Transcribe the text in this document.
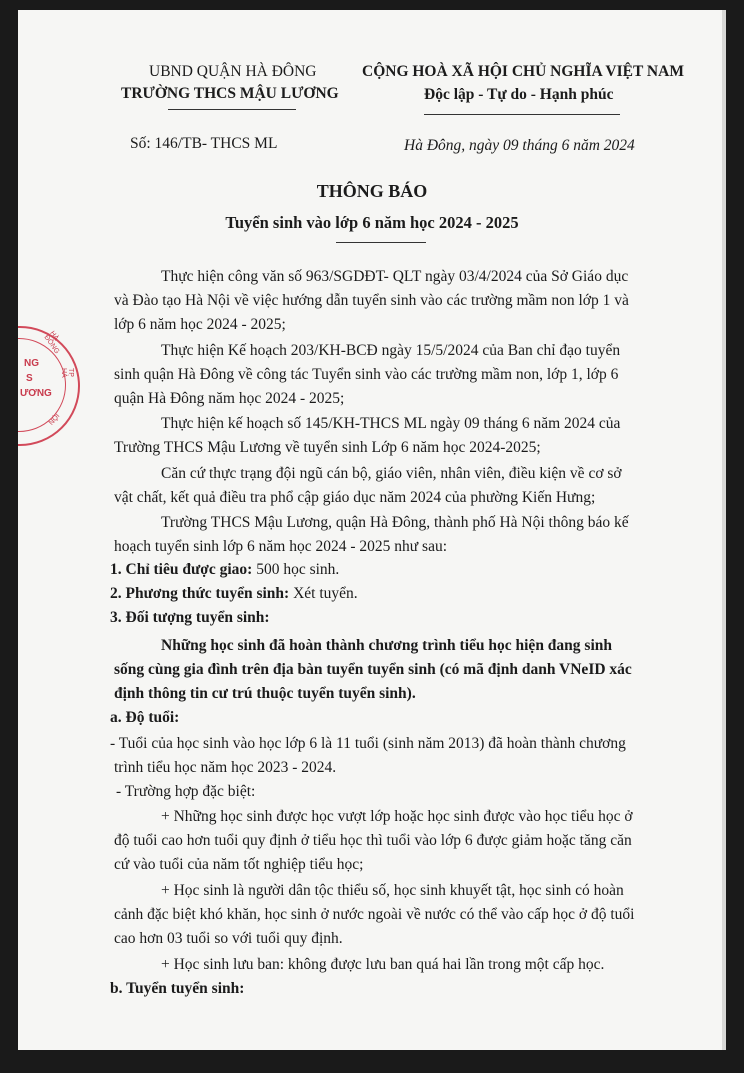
UBND QUẬN HÀ ĐÔNG
TRƯỜNG THCS MẬU LƯƠNG
CỘNG HOÀ XÃ HỘI CHỦ NGHĨA VIỆT NAM
Độc lập - Tự do - Hạnh phúc
Số: 146/TB- THCS ML	Hà Đông, ngày 09 tháng 6 năm 2024
THÔNG BÁO
Tuyển sinh vào lớp 6 năm học 2024 - 2025
NG
S
ƯƠNG
HÀ ĐÔNG
TP HÀ
IỘN
Thực hiện công văn số 963/SGDĐT- QLT ngày 03/4/2024 của Sở Giáo dục
và Đào tạo Hà Nội về việc hướng dẫn tuyển sinh vào các trường mầm non lớp 1 và
lớp 6 năm học 2024 - 2025;
Thực hiện Kế hoạch 203/KH-BCĐ ngày 15/5/2024 của Ban chỉ đạo tuyển
sinh quận Hà Đông về công tác Tuyển sinh vào các trường mầm non, lớp 1, lớp 6
quận Hà Đông năm học 2024 - 2025;
Thực hiện kế hoạch số 145/KH-THCS ML ngày 09 tháng 6 năm 2024 của
Trường THCS Mậu Lương về tuyển sinh Lớp 6 năm học 2024-2025;
Căn cứ thực trạng đội ngũ cán bộ, giáo viên, nhân viên, điều kiện về cơ sở
vật chất, kết quả điều tra phổ cập giáo dục năm 2024 của phường Kiến Hưng;
Trường THCS Mậu Lương, quận Hà Đông, thành phố Hà Nội thông báo kế
hoạch tuyển sinh lớp 6 năm học 2024 - 2025 như sau:
1. Chỉ tiêu được giao: 500 học sinh.
2. Phương thức tuyển sinh: Xét tuyển.
3. Đối tượng tuyển sinh:
Những học sinh đã hoàn thành chương trình tiểu học hiện đang sinh
sống cùng gia đình trên địa bàn tuyển tuyển sinh (có mã định danh VNeID xác
định thông tin cư trú thuộc tuyển tuyển sinh).
a. Độ tuổi:
- Tuổi của học sinh vào học lớp 6 là 11 tuổi (sinh năm 2013) đã hoàn thành chương
trình tiểu học năm học 2023 - 2024.
- Trường hợp đặc biệt:
+ Những học sinh được học vượt lớp hoặc học sinh được vào học tiểu học ở
độ tuổi cao hơn tuổi quy định ở tiểu học thì tuổi vào lớp 6 được giảm hoặc tăng căn
cứ vào tuổi của năm tốt nghiệp tiểu học;
+ Học sinh là người dân tộc thiểu số, học sinh khuyết tật, học sinh có hoàn
cảnh đặc biệt khó khăn, học sinh ở nước ngoài về nước có thể vào cấp học ở độ tuổi
cao hơn 03 tuổi so với tuổi quy định.
+ Học sinh lưu ban: không được lưu ban quá hai lần trong một cấp học.
b. Tuyển tuyển sinh:
